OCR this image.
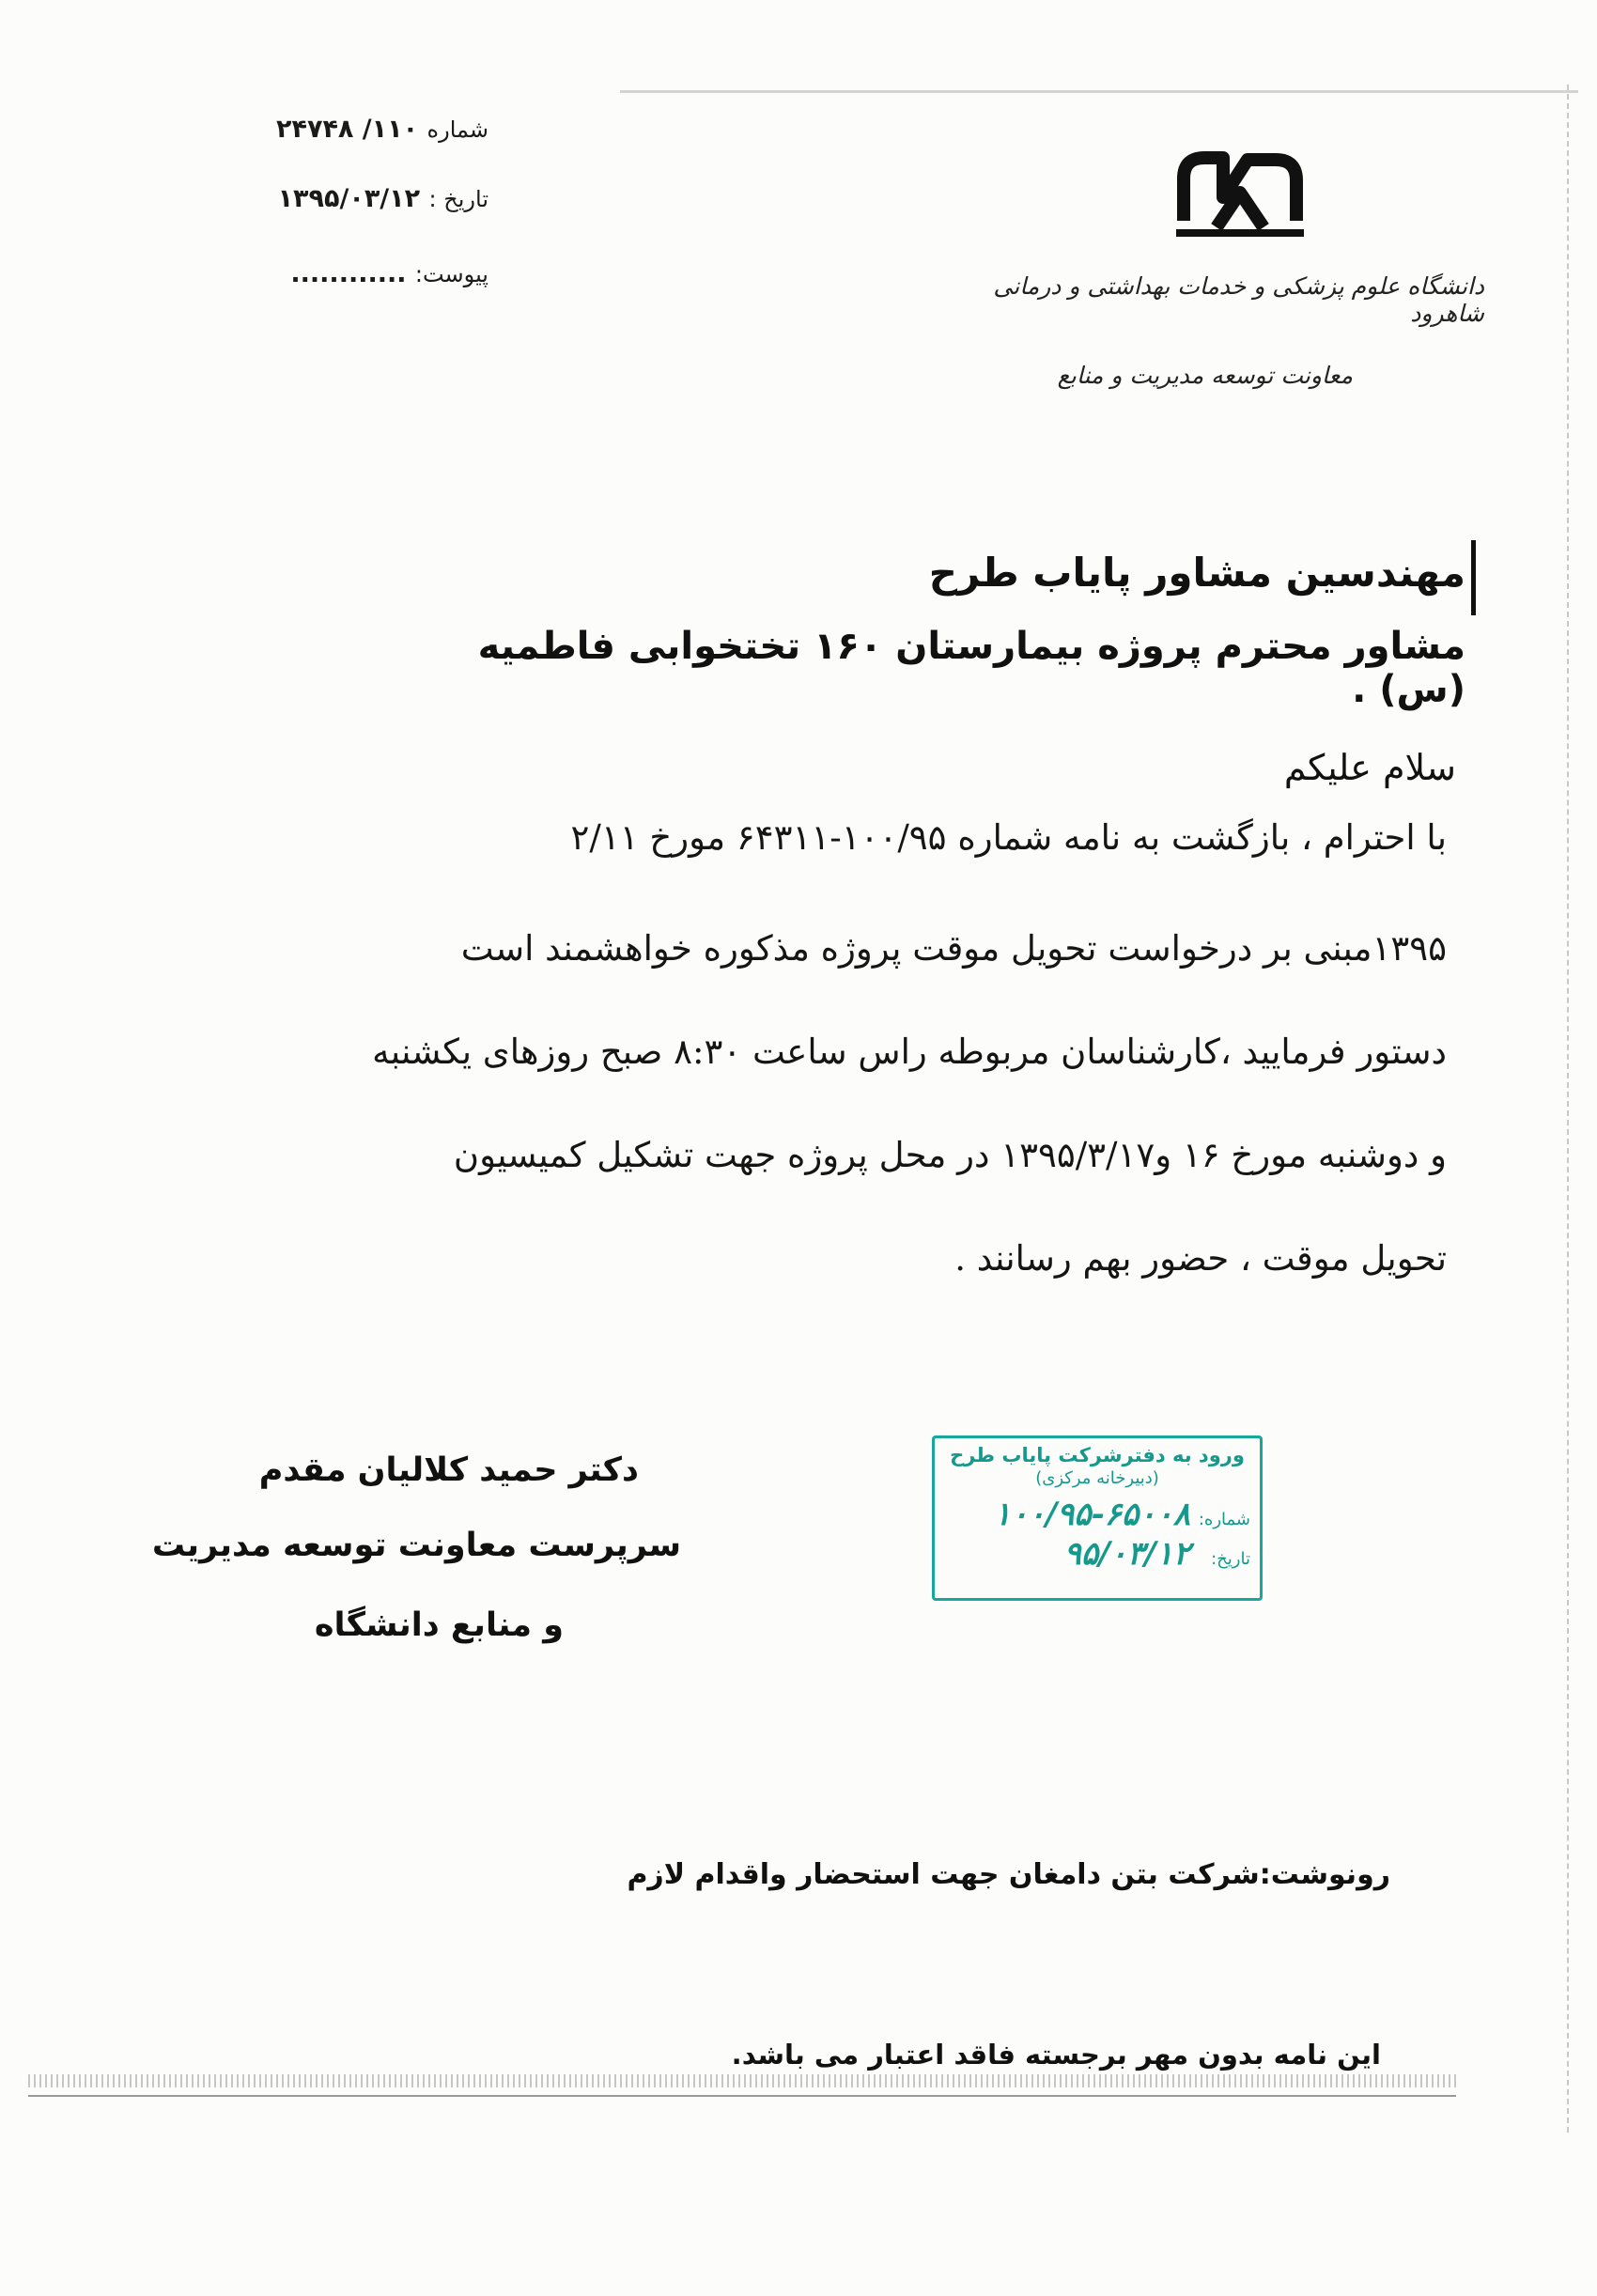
شماره ۱۱۰/ ۲۴۷۴۸
تاریخ : ۱۳۹۵/۰۳/۱۲
پیوست: ............	دانشگاه علوم پزشکی و خدمات بهداشتی و درمانی شاهرود
معاونت توسعه مدیریت و منابع
مهندسین مشاور پایاب طرح
مشاور محترم پروژه بیمارستان ۱۶۰ تختخوابی فاطمیه (س) .
سلام علیکم
با احترام ، بازگشت به نامه شماره ۱۰۰/۹۵-۶۴۳۱۱ مورخ ۲/۱۱
۱۳۹۵مبنی بر درخواست تحویل موقت پروژه مذکوره خواهشمند است
دستور فرمایید ،کارشناسان مربوطه راس ساعت ۸:۳۰ صبح روزهای یکشنبه
و دوشنبه مورخ ۱۶ و۱۳۹۵/۳/۱۷ در محل پروژه جهت تشکیل کمیسیون
تحویل موقت ، حضور بهم رسانند .
دکتر حمید کلالیان مقدم
سرپرست معاونت توسعه مدیریت
و منابع دانشگاه
ورود به دفترشرکت پایاب طرح
(دبیرخانه مرکزی)
شماره:
۱۰۰/۹۵-۶۵۰۰۸
تاریخ:
۹۵/۰۳/۱۲
رونوشت:شرکت بتن دامغان جهت استحضار واقدام لازم
این نامه بدون مهر برجسته فاقد اعتبار می باشد.
